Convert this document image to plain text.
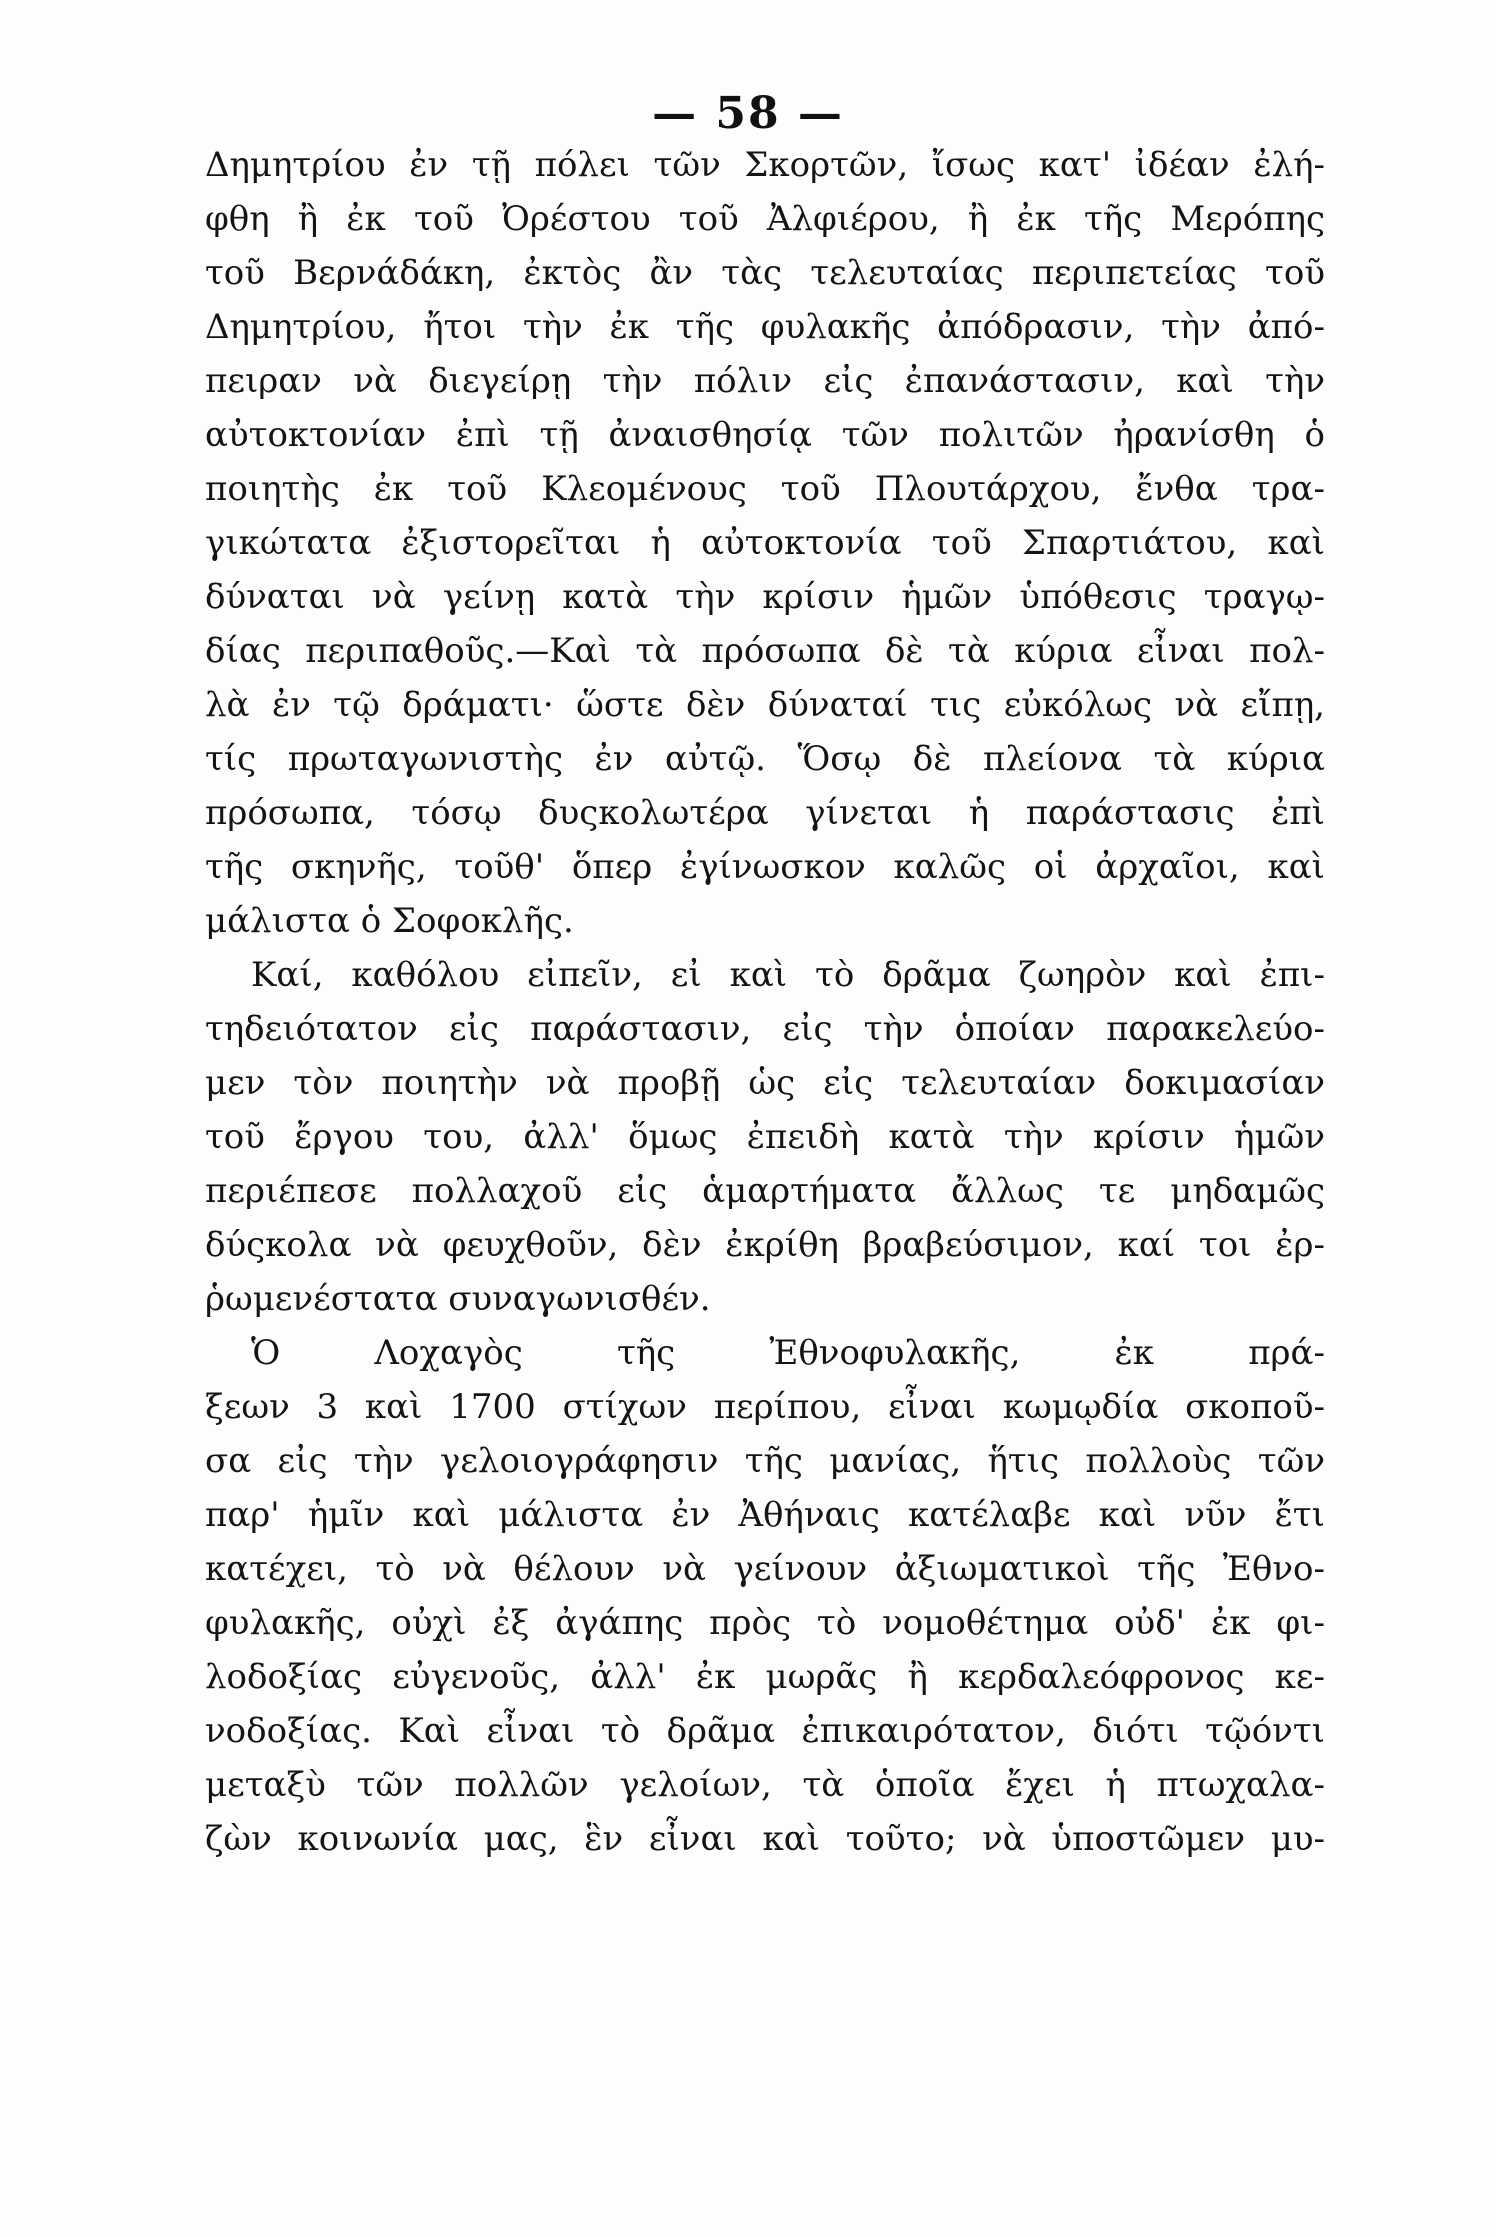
— 58 —
Δημητρίου ἐν τῇ πόλει τῶν Σκορτῶν, ἴσως κατ' ἰδέαν ἐλή-
φθη ἢ ἐκ τοῦ Ὀρέστου τοῦ Ἀλφιέρου, ἢ ἐκ τῆς Μερόπης
τοῦ Βερνάδάκη, ἐκτὸς ἂν τὰς τελευταίας περιπετείας τοῦ
Δημητρίου, ἤτοι τὴν ἐκ τῆς φυλακῆς ἀπόδρασιν, τὴν ἀπό-
πειραν νὰ διεγείρῃ τὴν πόλιν εἰς ἐπανάστασιν, καὶ τὴν
αὐτοκτονίαν ἐπὶ τῇ ἀναισθησίᾳ τῶν πολιτῶν ἠρανίσθη ὁ
ποιητὴς ἐκ τοῦ Κλεομένους τοῦ Πλουτάρχου, ἔνθα τρα-
γικώτατα ἐξιστορεῖται ἡ αὐτοκτονία τοῦ Σπαρτιάτου, καὶ
δύναται νὰ γείνῃ κατὰ τὴν κρίσιν ἡμῶν ὑπόθεσις τραγῳ-
δίας περιπαθοῦς.—Καὶ τὰ πρόσωπα δὲ τὰ κύρια εἶναι πολ-
λὰ ἐν τῷ δράματι· ὥστε δὲν δύναταί τις εὐκόλως νὰ εἴπῃ,
τίς πρωταγωνιστὴς ἐν αὐτῷ. Ὅσῳ δὲ πλείονα τὰ κύρια
πρόσωπα, τόσῳ δυςκολωτέρα γίνεται ἡ παράστασις ἐπὶ
τῆς σκηνῆς, τοῦθ' ὅπερ ἐγίνωσκον καλῶς οἱ ἀρχαῖοι, καὶ
μάλιστα ὁ Σοφοκλῆς.
Καί, καθόλου εἰπεῖν, εἰ καὶ τὸ δρᾶμα ζωηρὸν καὶ ἐπι-
τηδειότατον εἰς παράστασιν, εἰς τὴν ὁποίαν παρακελεύο-
μεν τὸν ποιητὴν νὰ προβῇ ὡς εἰς τελευταίαν δοκιμασίαν
τοῦ ἔργου του, ἀλλ' ὅμως ἐπειδὴ κατὰ τὴν κρίσιν ἡμῶν
περιέπεσε πολλαχοῦ εἰς ἁμαρτήματα ἄλλως τε μηδαμῶς
δύςκολα νὰ φευχθοῦν, δὲν ἐκρίθη βραβεύσιμον, καί τοι ἐρ-
ῥωμενέστατα συναγωνισθέν.
Ὁ Λοχαγὸς τῆς Ἐθνοφυλακῆς, ἐκ πρά-
ξεων 3 καὶ 1700 στίχων περίπου, εἶναι κωμῳδία σκοποῦ-
σα εἰς τὴν γελοιογράφησιν τῆς μανίας, ἥτις πολλοὺς τῶν
παρ' ἡμῖν καὶ μάλιστα ἐν Ἀθήναις κατέλαβε καὶ νῦν ἔτι
κατέχει, τὸ νὰ θέλουν νὰ γείνουν ἀξιωματικοὶ τῆς Ἐθνο-
φυλακῆς, οὐχὶ ἐξ ἀγάπης πρὸς τὸ νομοθέτημα οὐδ' ἐκ φι-
λοδοξίας εὐγενοῦς, ἀλλ' ἐκ μωρᾶς ἢ κερδαλεόφρονος κε-
νοδοξίας. Καὶ εἶναι τὸ δρᾶμα ἐπικαιρότατον, διότι τῷόντι
μεταξὺ τῶν πολλῶν γελοίων, τὰ ὁποῖα ἔχει ἡ πτωχαλα-
ζὼν κοινωνία μας, ἓν εἶναι καὶ τοῦτο; νὰ ὑποστῶμεν μυ-
